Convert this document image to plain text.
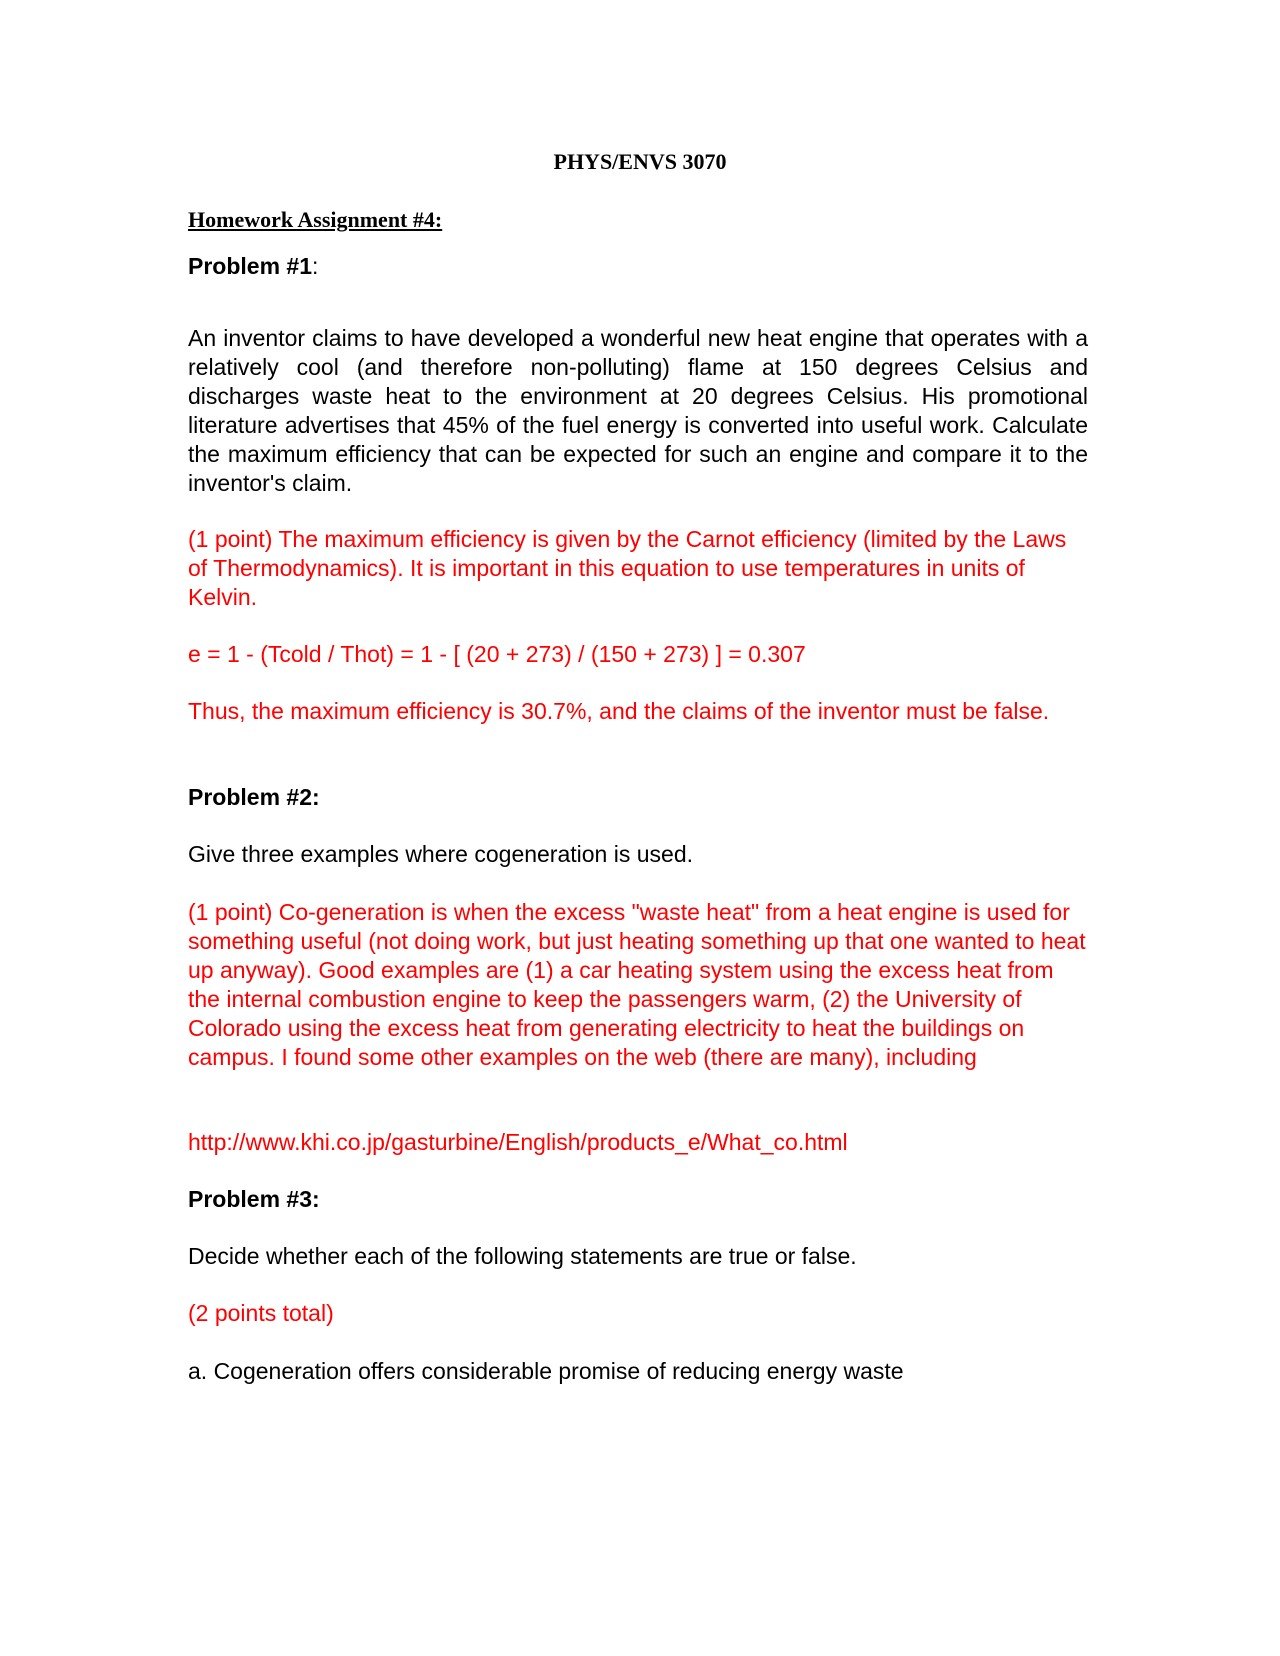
PHYS/ENVS 3070
Homework Assignment #4:

Problem #1:

An inventor claims to have developed a wonderful new heat engine that operates with a relatively cool (and therefore non-polluting) flame at 150 degrees Celsius and discharges waste heat to the environment at 20 degrees Celsius. His promotional literature advertises that 45% of the fuel energy is converted into useful work. Calculate the maximum efficiency that can be expected for such an engine and compare it to the inventor's claim.

(1 point) The maximum efficiency is given by the Carnot efficiency (limited by the Laws of Thermodynamics). It is important in this equation to use temperatures in units of Kelvin.

e = 1 - (Tcold / Thot) = 1 - [ (20 + 273) / (150 + 273) ] = 0.307

Thus, the maximum efficiency is 30.7%, and the claims of the inventor must be false.

Problem #2:

Give three examples where cogeneration is used.

(1 point) Co-generation is when the excess "waste heat" from a heat engine is used for something useful (not doing work, but just heating something up that one wanted to heat up anyway). Good examples are (1) a car heating system using the excess heat from the internal combustion engine to keep the passengers warm, (2) the University of Colorado using the excess heat from generating electricity to heat the buildings on campus. I found some other examples on the web (there are many), including

http://www.khi.co.jp/gasturbine/English/products_e/What_co.html

Problem #3:

Decide whether each of the following statements are true or false.

(2 points total)

a. Cogeneration offers considerable promise of reducing energy waste
